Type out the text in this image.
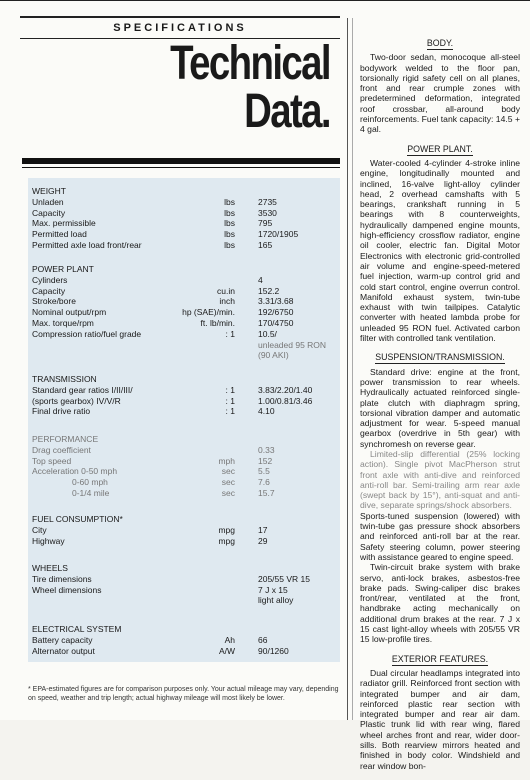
SPECIFICATIONS
Technical
Data.
WEIGHT
Unladen	lbs	2735
Capacity	lbs	3530
Max. permissible	lbs	795
Permitted load	lbs	1720/1905
Permitted axle load front/rear	lbs	165
POWER PLANT
Cylinders	4
Capacity	cu.in	152.2
Stroke/bore	inch	3.31/3.68
Nominal output/rpm	hp (SAE)/min.	192/6750
Max. torque/rpm	ft. lb/min.	170/4750
Compression ratio/fuel grade	: 1	10.5/
unleaded 95 RON
(90 AKI)
TRANSMISSION
Standard gear ratios I/II/III/	: 1	3.83/2.20/1.40
(sports gearbox) IV/V/R	: 1	1.00/0.81/3.46
Final drive ratio	: 1	4.10
PERFORMANCE
Drag coefficient	0.33
Top speed	mph	152
Acceleration 0-50 mph	sec	5.5
0-60 mph	sec	7.6
0-1/4 mile	sec	15.7
FUEL CONSUMPTION*
City	mpg	17
Highway	mpg	29
WHEELS
Tire dimensions	205/55 VR 15
Wheel dimensions	7 J x 15
light alloy
ELECTRICAL SYSTEM
Battery capacity	Ah	66
Alternator output	A/W	90/1260
* EPA-estimated figures are for comparison purposes only. Your actual mileage may vary, depending on speed, weather and trip length; actual highway mileage will most likely be lower.
BODY.
Two-door sedan, monocoque all-steel bodywork welded to the floor pan, torsionally rigid safety cell on all planes, front and rear crumple zones with predetermined deformation, integrated roof crossbar, all-around body reinforcements. Fuel tank capacity: 14.5 + 4 gal.
POWER PLANT.
Water-cooled 4-cylinder 4-stroke inline engine, longitudinally mounted and inclined, 16-valve light-alloy cylinder head, 2 overhead camshafts with 5 bearings, crankshaft running in 5 bearings with 8 counterweights, hydraulically dampened engine mounts, high-efficiency crossflow radiator, engine oil cooler, electric fan. Digital Motor Electronics with electronic grid-controlled air volume and engine-speed-metered fuel injection, warm-up control grid and cold start control, engine overrun control. Manifold exhaust system, twin-tube exhaust with twin tailpipes. Catalytic converter with heated lambda probe for unleaded 95 RON fuel. Activated carbon filter with controlled tank ventilation.
SUSPENSION/TRANSMISSION.
Standard drive: engine at the front, power transmission to rear wheels. Hydraulically actuated reinforced single-plate clutch with diaphragm spring, torsional vibration damper and automatic adjustment for wear. 5-speed manual gearbox (overdrive in 5th gear) with synchromesh on reverse gear.
Limited-slip differential (25% locking action). Single pivot MacPherson strut front axle with anti-dive and reinforced anti-roll bar. Semi-trailing arm rear axle (swept back by 15°), anti-squat and anti-dive, separate springs/shock absorbers.
Sports-tuned suspension (lowered) with twin-tube gas pressure shock absorbers and reinforced anti-roll bar at the rear. Safety steering column, power steering with assistance geared to engine speed.
Twin-circuit brake system with brake servo, anti-lock brakes, asbestos-free brake pads. Swing-caliper disc brakes front/rear, ventilated at the front, handbrake acting mechanically on additional drum brakes at the rear. 7 J x 15 cast light-alloy wheels with 205/55 VR 15 low-profile tires.
EXTERIOR FEATURES.
Dual circular headlamps integrated into radiator grill. Reinforced front section with integrated bumper and air dam, reinforced plastic rear section with integrated bumper and rear air dam. Plastic trunk lid with rear wing, flared wheel arches front and rear, wider door-sills. Both rearview mirrors heated and finished in body color. Windshield and rear window bon-
